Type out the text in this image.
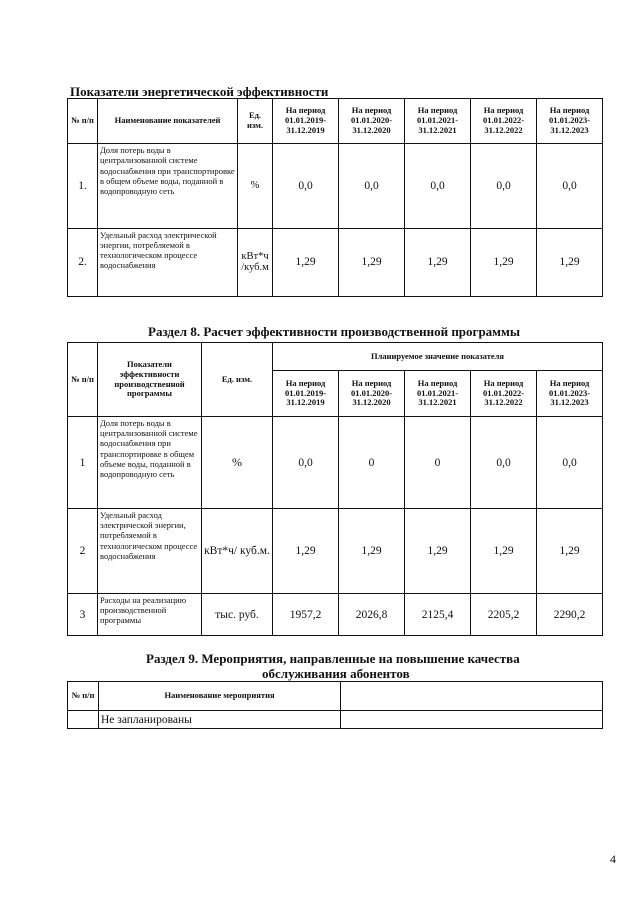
Показатели энергетической эффективности
№ п/п	Наименование показателей	Ед. изм.	На период 01.01.2019- 31.12.2019	На период 01.01.2020- 31.12.2020	На период 01.01.2021- 31.12.2021	На период 01.01.2022- 31.12.2022	На период 01.01.2023- 31.12.2023
1.	Доля потерь воды в централизованной системе водоснабжения при транспортировке в общем объеме воды, поданной в водопроводную сеть	%	0,0	0,0	0,0	0,0	0,0
2.	Удельный расход электрической энергии, потребляемой в технологическом процессе водоснабжения	кВт*ч /куб.м	1,29	1,29	1,29	1,29	1,29
Раздел 8. Расчет эффективности производственной программы
№ п/п	Показатели эффективности производственной программы	Ед. изм.	Планируемое значение показателя				
			На период 01.01.2019- 31.12.2019	На период 01.01.2020- 31.12.2020	На период 01.01.2021- 31.12.2021	На период 01.01.2022- 31.12.2022	На период 01.01.2023- 31.12.2023
1	Доля потерь воды в централизованной системе водоснабжения при транспортировке в общем объеме воды, поданной в водопроводную сеть	%	0,0	0	0	0,0	0,0
2	Удельный расход электрической энергии, потребляемой в технологическом процессе водоснабжения	кВт*ч/ куб.м.	1,29	1,29	1,29	1,29	1,29
3	Расходы на реализацию производственной программы	тыс. руб.	1957,2	2026,8	2125,4	2205,2	2290,2
Раздел 9. Мероприятия, направленные на повышение качества
обслуживания абонентов
№ п/п	Наименование мероприятия	
	Не запланированы	
4
